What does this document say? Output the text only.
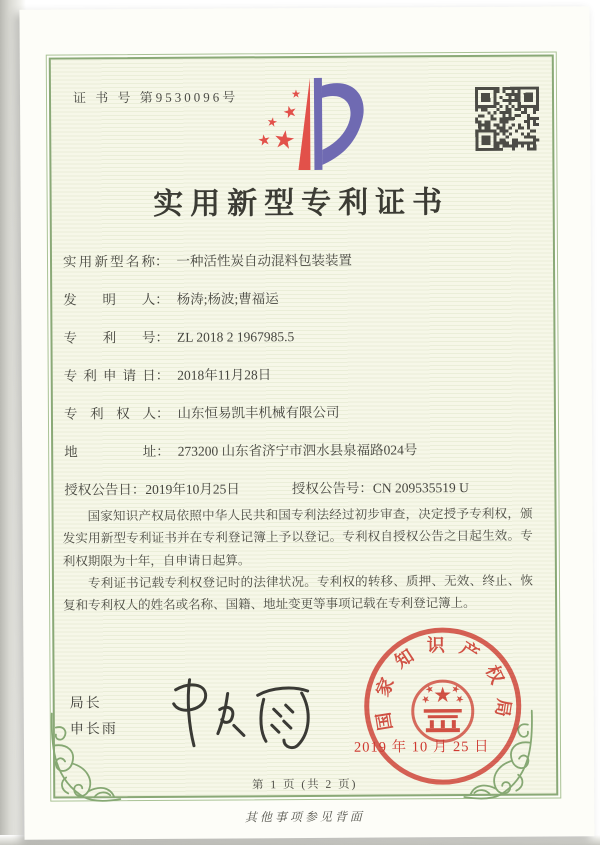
证 书 号 第9530096号
实用新型专利证书
实用新型名称： 一种活性炭自动混料包装装置
发明人： 杨涛;杨波;曹福运
专利号： ZL 2018 2 1967985.5
专利申请日： 2018年11月28日
专利权人： 山东恒易凯丰机械有限公司
地址： 273200 山东省济宁市泗水县泉福路024号
授权公告日：2019年10月25日	授权公告号：CN 209535519 U

国家知识产权局依照中华人民共和国专利法经过初步审查，决定授予专利权，颁发实用新型专利证书并在专利登记簿上予以登记。专利权自授权公告之日起生效。专利权期限为十年，自申请日起算。

专利证书记载专利权登记时的法律状况。专利权的转移、质押、无效、终止、恢复和专利权人的姓名或名称、国籍、地址变更等事项记载在专利登记簿上。

局长
申长雨	国家知识产权局
2019 年 10 月 25 日
第 1 页 (共 2 页)
其他事项参见背面
